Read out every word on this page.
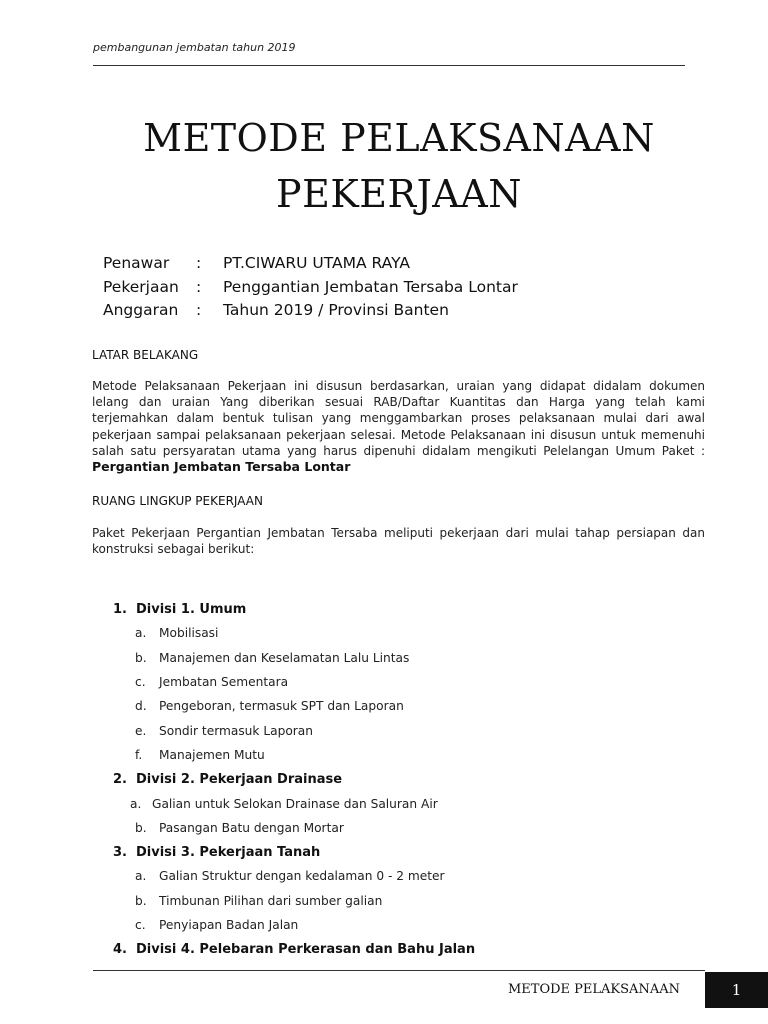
pembangunan jembatan tahun 2019
METODE PELAKSANAAN
PEKERJAAN
Penawar	:	PT.CIWARU UTAMA RAYA
Pekerjaan	:	Penggantian Jembatan Tersaba Lontar
Anggaran	:	Tahun 2019 / Provinsi Banten
LATAR BELAKANG
Metode Pelaksanaan Pekerjaan ini disusun berdasarkan, uraian yang didapat didalam dokumen lelang dan uraian Yang diberikan sesuai RAB/Daftar Kuantitas dan Harga yang telah kami terjemahkan dalam bentuk tulisan yang menggambarkan proses pelaksanaan mulai dari awal pekerjaan sampai pelaksanaan pekerjaan selesai. Metode Pelaksanaan ini disusun untuk memenuhi salah satu persyaratan utama yang harus dipenuhi didalam mengikuti Pelelangan Umum Paket : Pergantian Jembatan Tersaba Lontar
RUANG LINGKUP PEKERJAAN
Paket Pekerjaan Pergantian Jembatan Tersaba meliputi pekerjaan dari mulai tahap persiapan dan konstruksi sebagai berikut:
1. Divisi 1. Umum
a.	Mobilisasi
b.	Manajemen dan Keselamatan Lalu Lintas
c.	Jembatan Sementara
d.	Pengeboran, termasuk SPT dan Laporan
e.	Sondir termasuk Laporan
f.	Manajemen Mutu
2. Divisi 2. Pekerjaan Drainase
a. Galian untuk Selokan Drainase dan Saluran Air
b.	Pasangan Batu dengan Mortar
3. Divisi 3. Pekerjaan Tanah
a.	Galian Struktur dengan kedalaman 0 - 2 meter
b.	Timbunan Pilihan dari sumber galian
c.	Penyiapan Badan Jalan
4. Divisi 4. Pelebaran Perkerasan dan Bahu Jalan
METODE PELAKSANAAN	1
